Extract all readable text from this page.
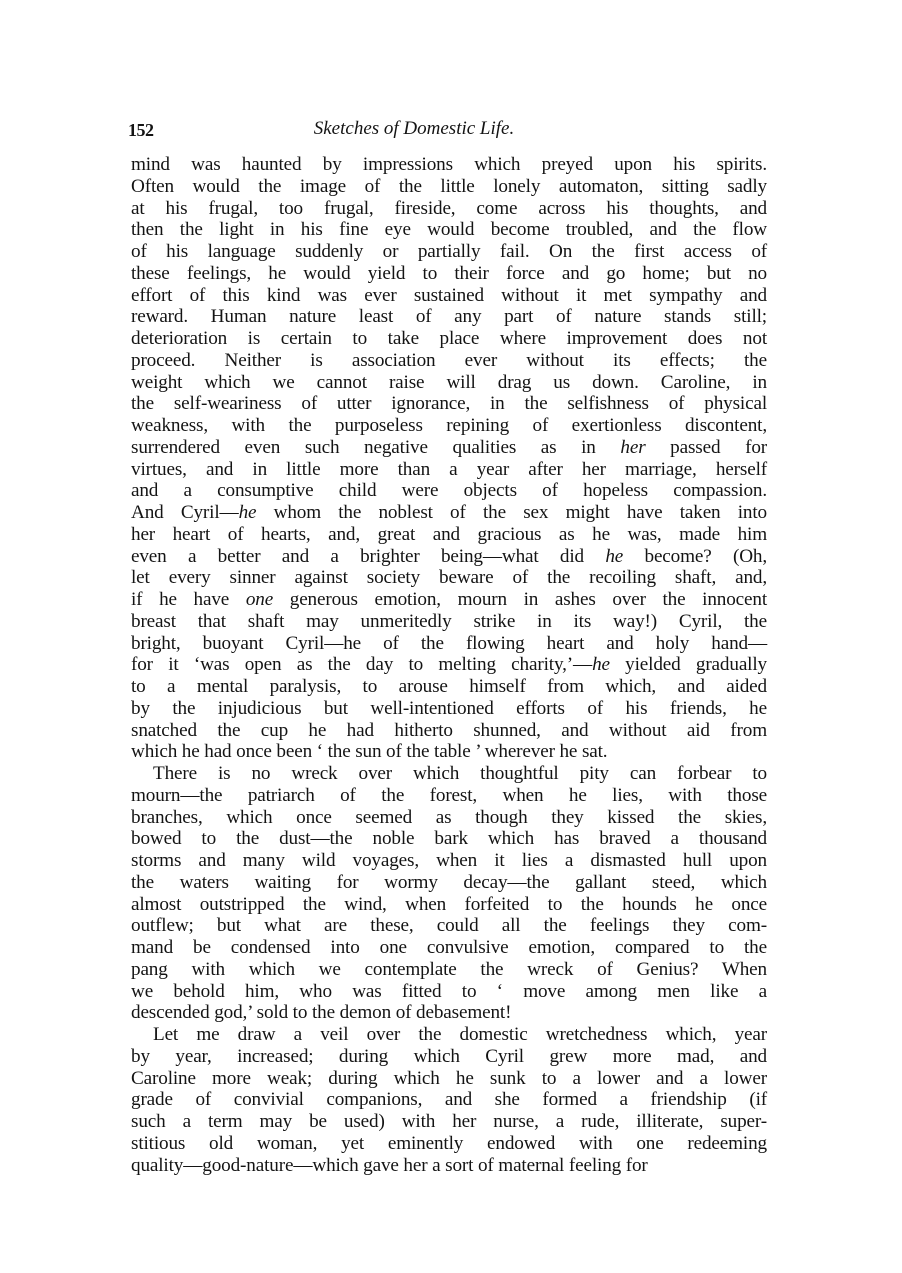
152	Sketches of Domestic Life.
mind was haunted by impressions which preyed upon his spirits.
Often would the image of the little lonely automaton, sitting sadly
at his frugal, too frugal, fireside, come across his thoughts, and
then the light in his fine eye would become troubled, and the flow
of his language suddenly or partially fail. On the first access of
these feelings, he would yield to their force and go home; but no
effort of this kind was ever sustained without it met sympathy and
reward. Human nature least of any part of nature stands still;
deterioration is certain to take place where improvement does not
proceed. Neither is association ever without its effects; the
weight which we cannot raise will drag us down. Caroline, in
the self-weariness of utter ignorance, in the selfishness of physical
weakness, with the purposeless repining of exertionless discontent,
surrendered even such negative qualities as in her passed for
virtues, and in little more than a year after her marriage, herself
and a consumptive child were objects of hopeless compassion.
And Cyril—he whom the noblest of the sex might have taken into
her heart of hearts, and, great and gracious as he was, made him
even a better and a brighter being—what did he become? (Oh,
let every sinner against society beware of the recoiling shaft, and,
if he have one generous emotion, mourn in ashes over the innocent
breast that shaft may unmeritedly strike in its way!) Cyril, the
bright, buoyant Cyril—he of the flowing heart and holy hand—
for it ‘was open as the day to melting charity,’—he yielded gradually
to a mental paralysis, to arouse himself from which, and aided
by the injudicious but well-intentioned efforts of his friends, he
snatched the cup he had hitherto shunned, and without aid from
which he had once been ‘ the sun of the table ’ wherever he sat.
There is no wreck over which thoughtful pity can forbear to
mourn—the patriarch of the forest, when he lies, with those
branches, which once seemed as though they kissed the skies,
bowed to the dust—the noble bark which has braved a thousand
storms and many wild voyages, when it lies a dismasted hull upon
the waters waiting for wormy decay—the gallant steed, which
almost outstripped the wind, when forfeited to the hounds he once
outflew; but what are these, could all the feelings they com-
mand be condensed into one convulsive emotion, compared to the
pang with which we contemplate the wreck of Genius? When
we behold him, who was fitted to ‘ move among men like a
descended god,’ sold to the demon of debasement!
Let me draw a veil over the domestic wretchedness which, year
by year, increased; during which Cyril grew more mad, and
Caroline more weak; during which he sunk to a lower and a lower
grade of convivial companions, and she formed a friendship (if
such a term may be used) with her nurse, a rude, illiterate, super-
stitious old woman, yet eminently endowed with one redeeming
quality—good-nature—which gave her a sort of maternal feeling for
